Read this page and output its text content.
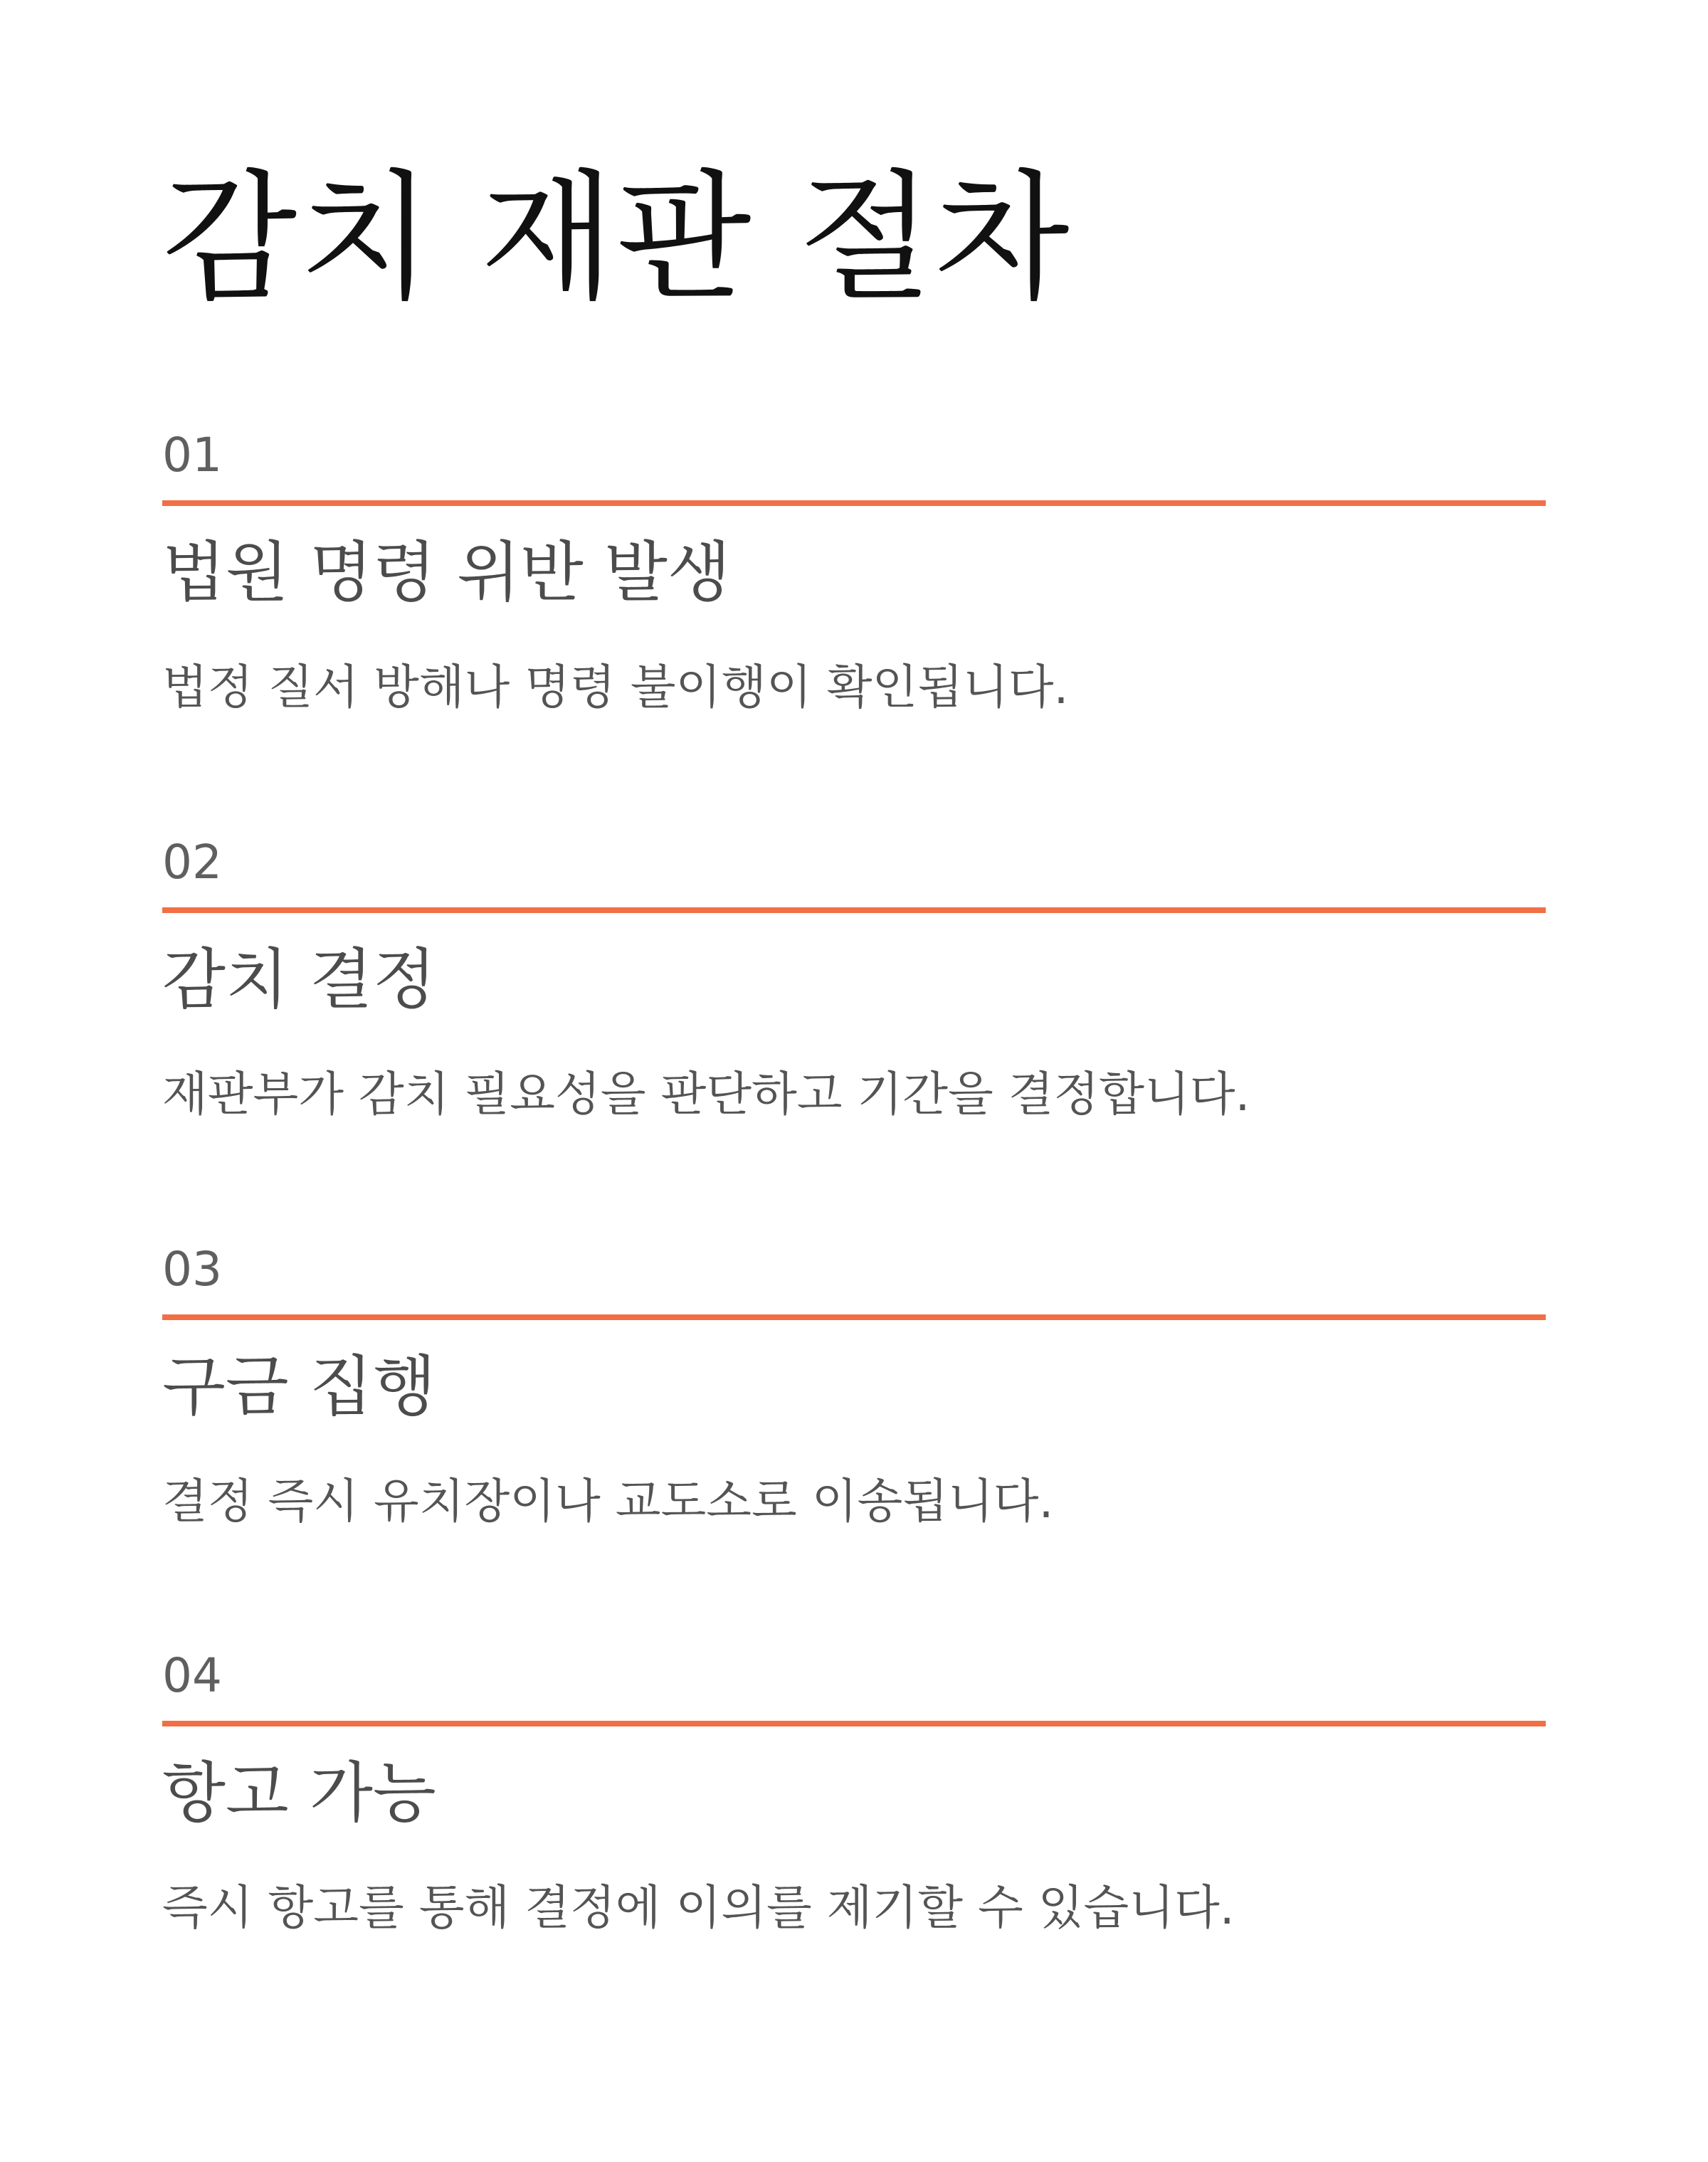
감치 재판 절차
01
법원 명령 위반 발생
법정 질서 방해나 명령 불이행이 확인됩니다.
02
감치 결정
재판부가 감치 필요성을 판단하고 기간을 결정합니다.
03
구금 집행
결정 즉시 유치장이나 교도소로 이송됩니다.
04
항고 가능
즉시 항고를 통해 결정에 이의를 제기할 수 있습니다.
